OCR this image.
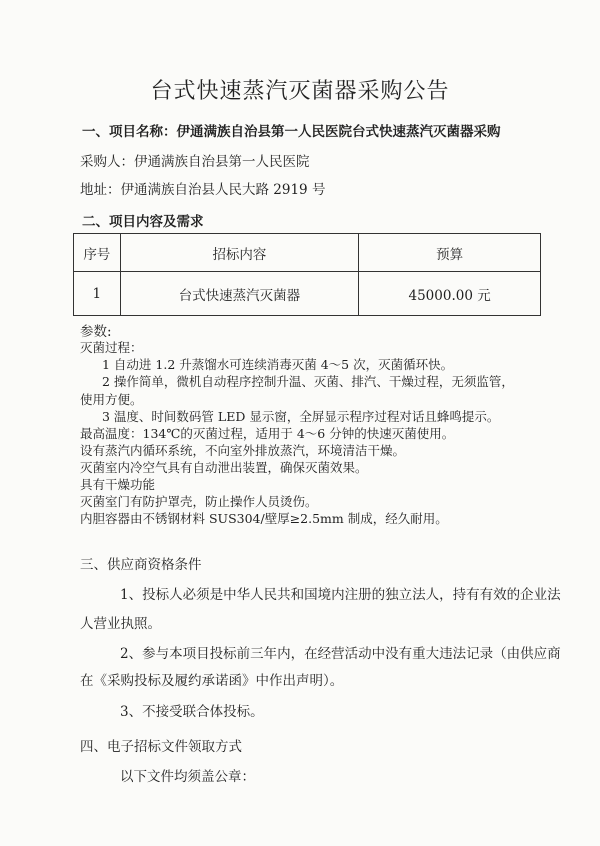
台式快速蒸汽灭菌器采购公告
一、项目名称：伊通满族自治县第一人民医院台式快速蒸汽灭菌器采购
采购人：伊通满族自治县第一人民医院
地址：伊通满族自治县人民大路 2919 号
二、项目内容及需求
序号	招标内容	预算
1	台式快速蒸汽灭菌器	45000.00 元
参数:
灭菌过程：
1 自动进 1.2 升蒸馏水可连续消毒灭菌 4～5 次，灭菌循环快。
2 操作简单，微机自动程序控制升温、灭菌、排汽、干燥过程，无须监管，
使用方便。
3 温度、时间数码管 LED 显示窗，全屏显示程序过程对话且蜂鸣提示。
最高温度：134℃的灭菌过程，适用于 4～6 分钟的快速灭菌使用。
设有蒸汽内循环系统，不向室外排放蒸汽，环境清洁干燥。
灭菌室内冷空气具有自动泄出装置，确保灭菌效果。
具有干燥功能
灭菌室门有防护罩壳，防止操作人员烫伤。
内胆容器由不锈钢材料 SUS304/壁厚≥2.5mm 制成，经久耐用。
三、供应商资格条件
1、投标人必须是中华人民共和国境内注册的独立法人，持有有效的企业法
人营业执照。
2、参与本项目投标前三年内，在经营活动中没有重大违法记录（由供应商
在《采购投标及履约承诺函》中作出声明）。
3、不接受联合体投标。
四、电子招标文件领取方式
以下文件均须盖公章：
